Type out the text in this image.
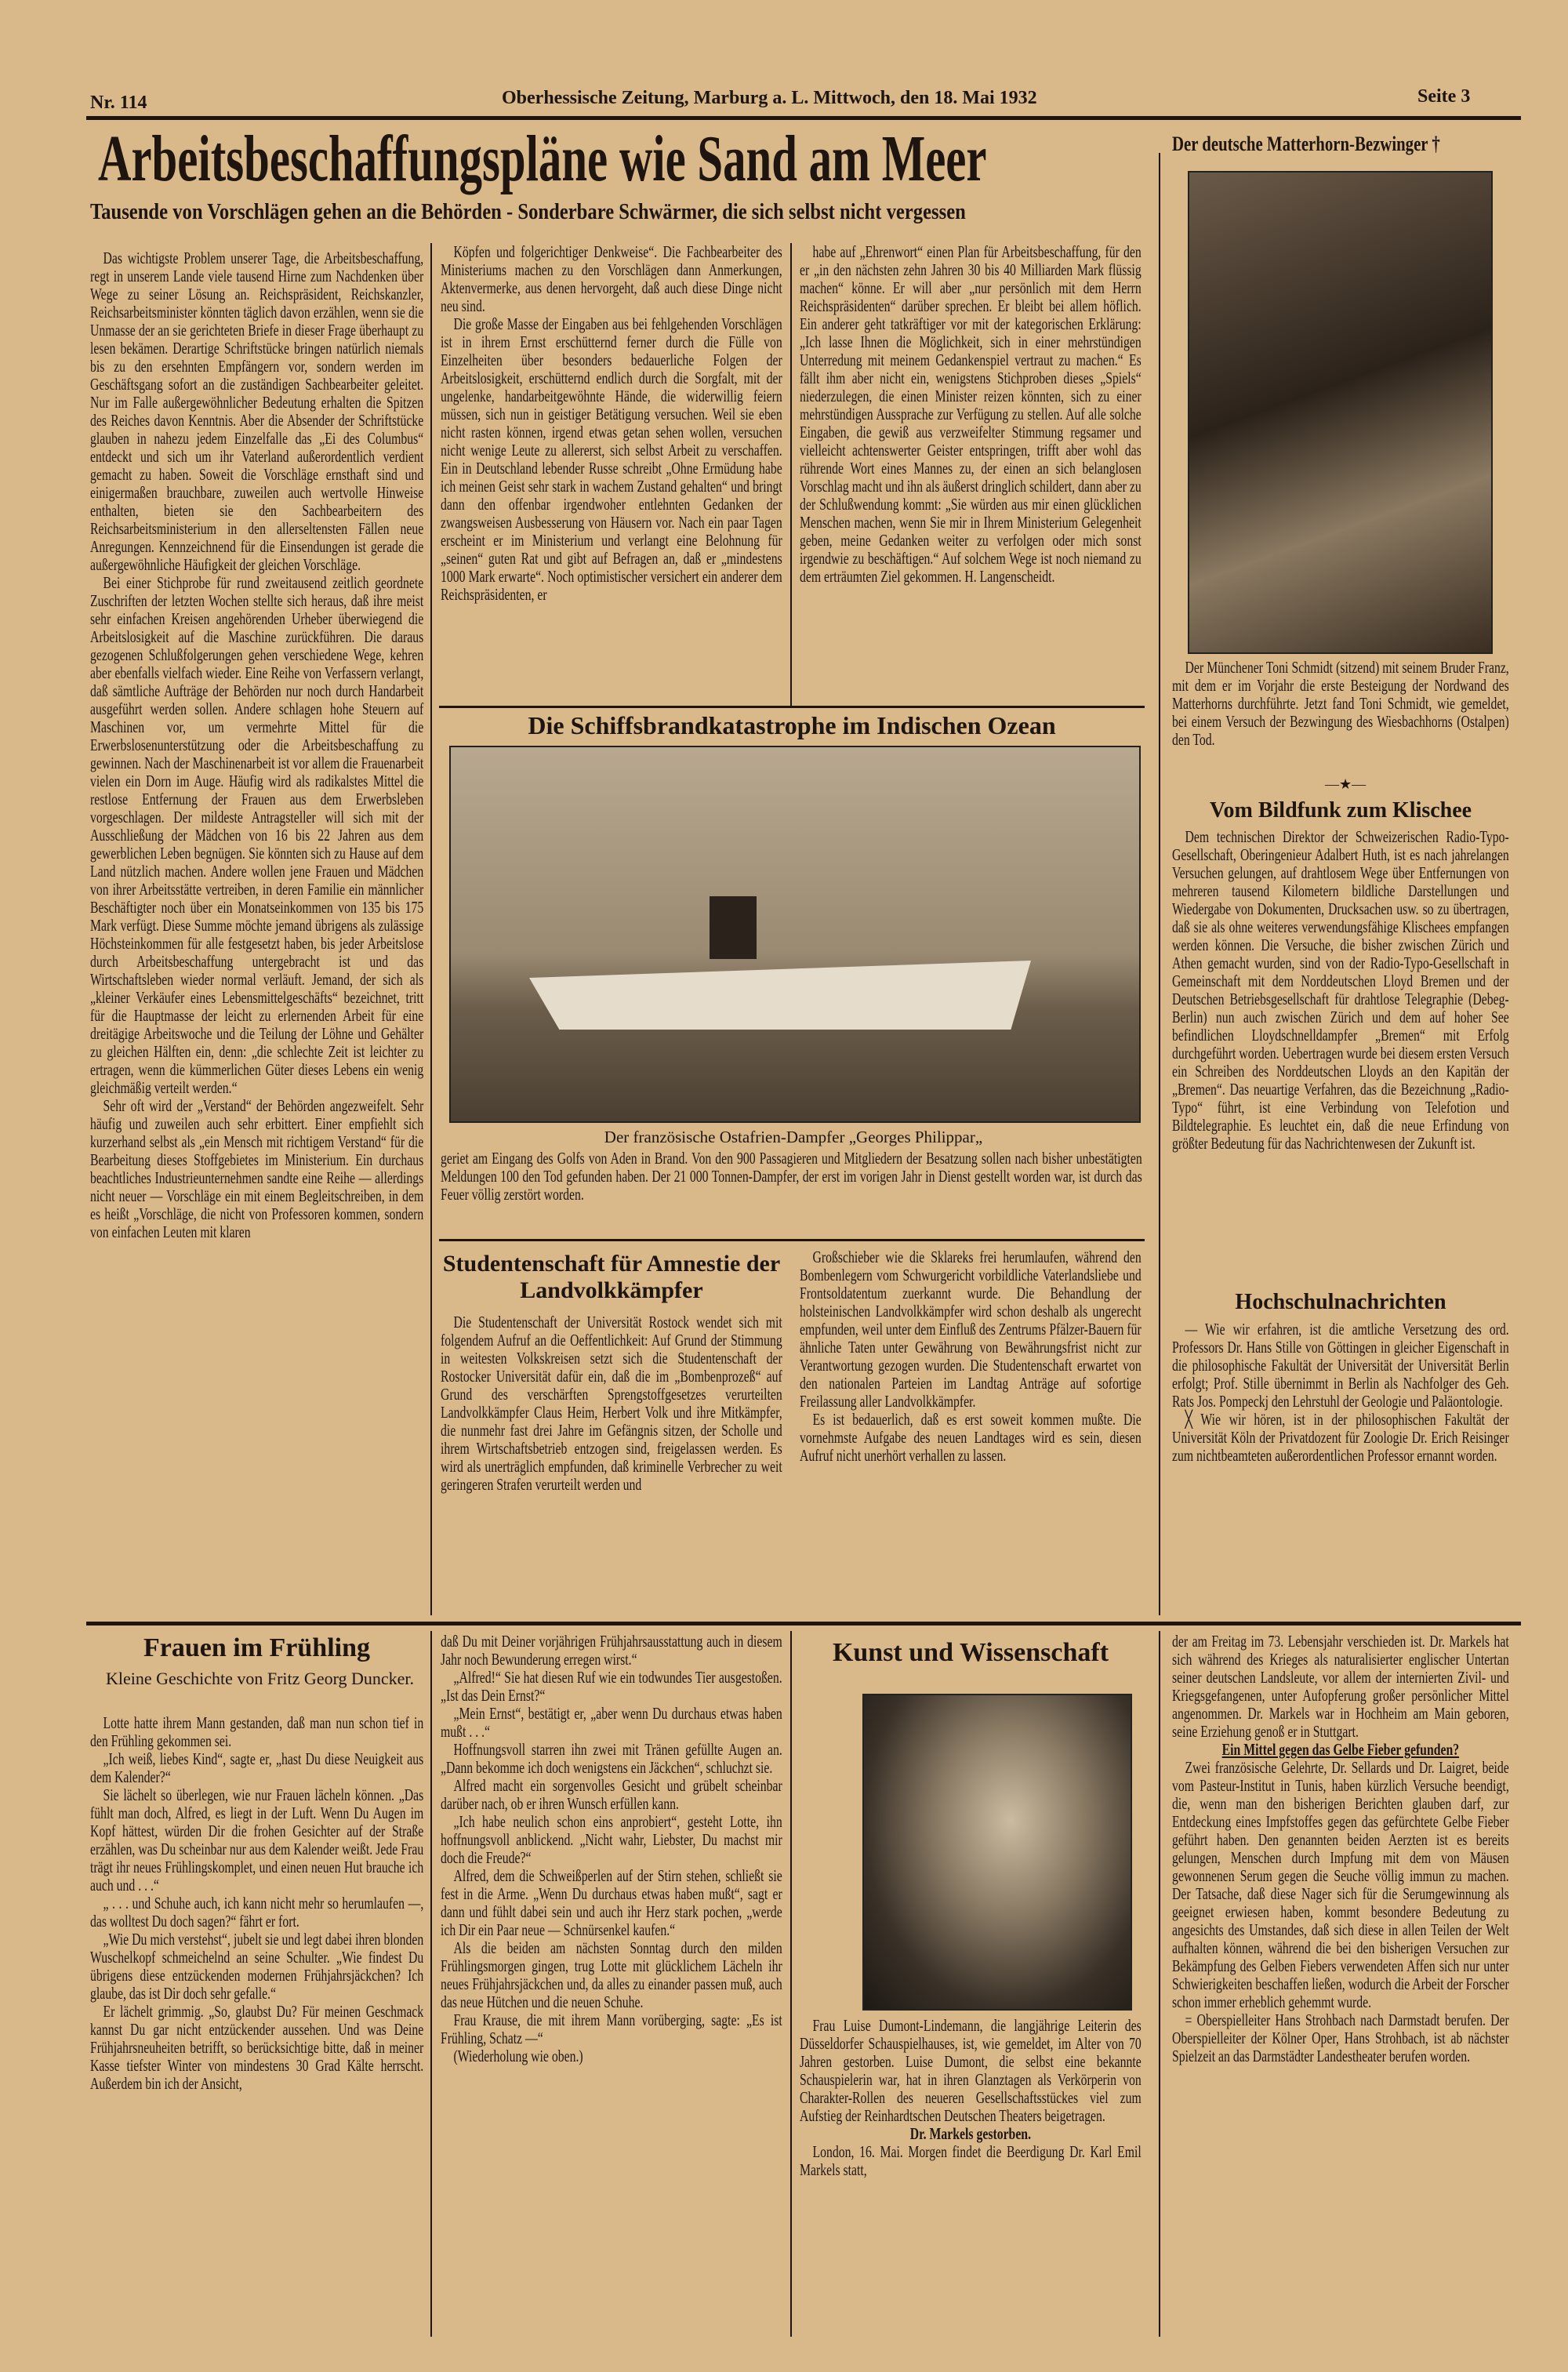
Nr. 114	Oberhessische Zeitung, Marburg a. L. Mittwoch, den 18. Mai 1932	Seite 3
Arbeitsbeschaffungspläne wie Sand am Meer
Tausende von Vorschlägen gehen an die Behörden - Sonderbare Schwärmer, die sich selbst nicht vergessen

Das wichtigste Problem unserer Tage, die Arbeitsbeschaffung, regt in unserem Lande viele tausend Hirne zum Nachdenken über Wege zu seiner Lösung an. Reichspräsident, Reichskanzler, Reichsarbeitsminister könnten täglich davon erzählen, wenn sie die Unmasse der an sie gerichteten Briefe in dieser Frage überhaupt zu lesen bekämen. Derartige Schriftstücke bringen natürlich niemals bis zu den ersehnten Empfängern vor, sondern werden im Geschäftsgang sofort an die zuständigen Sachbearbeiter geleitet. Nur im Falle außergewöhnlicher Bedeutung erhalten die Spitzen des Reiches davon Kenntnis. Aber die Absender der Schriftstücke glauben in nahezu jedem Einzelfalle das „Ei des Columbus“ entdeckt und sich um ihr Vaterland außerordentlich verdient gemacht zu haben. Soweit die Vorschläge ernsthaft sind und einigermaßen brauchbare, zuweilen auch wertvolle Hinweise enthalten, bieten sie den Sachbearbeitern des Reichsarbeitsministerium in den allerseltensten Fällen neue Anregungen. Kennzeichnend für die Einsendungen ist gerade die außergewöhnliche Häufigkeit der gleichen Vorschläge.

Bei einer Stichprobe für rund zweitausend zeitlich geordnete Zuschriften der letzten Wochen stellte sich heraus, daß ihre meist sehr einfachen Kreisen angehörenden Urheber überwiegend die Arbeitslosigkeit auf die Maschine zurückführen. Die daraus gezogenen Schlußfolgerungen gehen verschiedene Wege, kehren aber ebenfalls vielfach wieder. Eine Reihe von Verfassern verlangt, daß sämtliche Aufträge der Behörden nur noch durch Handarbeit ausgeführt werden sollen. Andere schlagen hohe Steuern auf Maschinen vor, um vermehrte Mittel für die Erwerbslosenunterstützung oder die Arbeitsbeschaffung zu gewinnen. Nach der Maschinenarbeit ist vor allem die Frauenarbeit vielen ein Dorn im Auge. Häufig wird als radikalstes Mittel die restlose Entfernung der Frauen aus dem Erwerbsleben vorgeschlagen. Der mildeste Antragsteller will sich mit der Ausschließung der Mädchen von 16 bis 22 Jahren aus dem gewerblichen Leben begnügen. Sie könnten sich zu Hause auf dem Land nützlich machen. Andere wollen jene Frauen und Mädchen von ihrer Arbeitsstätte vertreiben, in deren Familie ein männlicher Beschäftigter noch über ein Monatseinkommen von 135 bis 175 Mark verfügt. Diese Summe möchte jemand übrigens als zulässige Höchsteinkommen für alle festgesetzt haben, bis jeder Arbeitslose durch Arbeitsbeschaffung untergebracht ist und das Wirtschaftsleben wieder normal verläuft. Jemand, der sich als „kleiner Verkäufer eines Lebensmittelgeschäfts“ bezeichnet, tritt für die Hauptmasse der leicht zu erlernenden Arbeit für eine dreitägige Arbeitswoche und die Teilung der Löhne und Gehälter zu gleichen Hälften ein, denn: „die schlechte Zeit ist leichter zu ertragen, wenn die kümmerlichen Güter dieses Lebens ein wenig gleichmäßig verteilt werden.“

Sehr oft wird der „Verstand“ der Behörden angezweifelt. Sehr häufig und zuweilen auch sehr erbittert. Einer empfiehlt sich kurzerhand selbst als „ein Mensch mit richtigem Verstand“ für die Bearbeitung dieses Stoffgebietes im Ministerium. Ein durchaus beachtliches Industrieunternehmen sandte eine Reihe — allerdings nicht neuer — Vorschläge ein mit einem Begleitschreiben, in dem es heißt „Vorschläge, die nicht von Professoren kommen, sondern von einfachen Leuten mit klaren

Köpfen und folgerichtiger Denkweise“. Die Fachbearbeiter des Ministeriums machen zu den Vorschlägen dann Anmerkungen, Aktenvermerke, aus denen hervorgeht, daß auch diese Dinge nicht neu sind.

Die große Masse der Eingaben aus bei fehlgehenden Vorschlägen ist in ihrem Ernst erschütternd ferner durch die Fülle von Einzelheiten über besonders bedauerliche Folgen der Arbeitslosigkeit, erschütternd endlich durch die Sorgfalt, mit der ungelenke, handarbeitgewöhnte Hände, die widerwillig feiern müssen, sich nun in geistiger Betätigung versuchen. Weil sie eben nicht rasten können, irgend etwas getan sehen wollen, versuchen nicht wenige Leute zu allererst, sich selbst Arbeit zu verschaffen. Ein in Deutschland lebender Russe schreibt „Ohne Ermüdung habe ich meinen Geist sehr stark in wachem Zustand gehalten“ und bringt dann den offenbar irgendwoher entlehnten Gedanken der zwangsweisen Ausbesserung von Häusern vor. Nach ein paar Tagen erscheint er im Ministerium und verlangt eine Belohnung für „seinen“ guten Rat und gibt auf Befragen an, daß er „mindestens 1000 Mark erwarte“. Noch optimistischer versichert ein anderer dem Reichspräsidenten, er

habe auf „Ehrenwort“ einen Plan für Arbeitsbeschaffung, für den er „in den nächsten zehn Jahren 30 bis 40 Milliarden Mark flüssig machen“ könne. Er will aber „nur persönlich mit dem Herrn Reichspräsidenten“ darüber sprechen. Er bleibt bei allem höflich. Ein anderer geht tatkräftiger vor mit der kategorischen Erklärung: „Ich lasse Ihnen die Möglichkeit, sich in einer mehrstündigen Unterredung mit meinem Gedankenspiel vertraut zu machen.“ Es fällt ihm aber nicht ein, wenigstens Stichproben dieses „Spiels“ niederzulegen, die einen Minister reizen könnten, sich zu einer mehrstündigen Aussprache zur Verfügung zu stellen. Auf alle solche Eingaben, die gewiß aus verzweifelter Stimmung regsamer und vielleicht achtenswerter Geister entspringen, trifft aber wohl das rührende Wort eines Mannes zu, der einen an sich belanglosen Vorschlag macht und ihn als äußerst dringlich schildert, dann aber zu der Schlußwendung kommt: „Sie würden aus mir einen glücklichen Menschen machen, wenn Sie mir in Ihrem Ministerium Gelegenheit geben, meine Gedanken weiter zu verfolgen oder mich sonst irgendwie zu beschäftigen.“ Auf solchem Wege ist noch niemand zu dem erträumten Ziel gekommen. H. Langenscheidt.

Die Schiffsbrandkatastrophe im Indischen Ozean
Der französische Ostafrien-Dampfer „Georges Philippar„

geriet am Eingang des Golfs von Aden in Brand. Von den 900 Passagieren und Mitgliedern der Besatzung sollen nach bisher unbestätigten Meldungen 100 den Tod gefunden haben. Der 21 000 Tonnen-Dampfer, der erst im vorigen Jahr in Dienst gestellt worden war, ist durch das Feuer völlig zerstört worden.

Studentenschaft für Amnestie der Landvolkkämpfer

Die Studentenschaft der Universität Rostock wendet sich mit folgendem Aufruf an die Oeffentlichkeit: Auf Grund der Stimmung in weitesten Volkskreisen setzt sich die Studentenschaft der Rostocker Universität dafür ein, daß die im „Bombenprozeß“ auf Grund des verschärften Sprengstoffgesetzes verurteilten Landvolkkämpfer Claus Heim, Herbert Volk und ihre Mitkämpfer, die nunmehr fast drei Jahre im Gefängnis sitzen, der Scholle und ihrem Wirtschaftsbetrieb entzogen sind, freigelassen werden. Es wird als unerträglich empfunden, daß kriminelle Verbrecher zu weit geringeren Strafen verurteilt werden und

Großschieber wie die Sklareks frei herumlaufen, während den Bombenlegern vom Schwurgericht vorbildliche Vaterlandsliebe und Frontsoldatentum zuerkannt wurde. Die Behandlung der holsteinischen Landvolkkämpfer wird schon deshalb als ungerecht empfunden, weil unter dem Einfluß des Zentrums Pfälzer-Bauern für ähnliche Taten unter Gewährung von Bewährungsfrist nicht zur Verantwortung gezogen wurden. Die Studentenschaft erwartet von den nationalen Parteien im Landtag Anträge auf sofortige Freilassung aller Landvolkkämpfer.

Es ist bedauerlich, daß es erst soweit kommen mußte. Die vornehmste Aufgabe des neuen Landtages wird es sein, diesen Aufruf nicht unerhört verhallen zu lassen.

Der deutsche Matterhorn-Bezwinger †

Der Münchener Toni Schmidt (sitzend) mit seinem Bruder Franz, mit dem er im Vorjahr die erste Besteigung der Nordwand des Matterhorns durchführte. Jetzt fand Toni Schmidt, wie gemeldet, bei einem Versuch der Bezwingung des Wiesbachhorns (Ostalpen) den Tod.

—★—
Vom Bildfunk zum Klischee

Dem technischen Direktor der Schweizerischen Radio-Typo-Gesellschaft, Oberingenieur Adalbert Huth, ist es nach jahrelangen Versuchen gelungen, auf drahtlosem Wege über Entfernungen von mehreren tausend Kilometern bildliche Darstellungen und Wiedergabe von Dokumenten, Drucksachen usw. so zu übertragen, daß sie als ohne weiteres verwendungsfähige Klischees empfangen werden können. Die Versuche, die bisher zwischen Zürich und Athen gemacht wurden, sind von der Radio-Typo-Gesellschaft in Gemeinschaft mit dem Norddeutschen Lloyd Bremen und der Deutschen Betriebsgesellschaft für drahtlose Telegraphie (Debeg-Berlin) nun auch zwischen Zürich und dem auf hoher See befindlichen Lloydschnelldampfer „Bremen“ mit Erfolg durchgeführt worden. Uebertragen wurde bei diesem ersten Versuch ein Schreiben des Norddeutschen Lloyds an den Kapitän der „Bremen“. Das neuartige Verfahren, das die Bezeichnung „Radio-Typo“ führt, ist eine Verbindung von Telefotion und Bildtelegraphie. Es leuchtet ein, daß die neue Erfindung von größter Bedeutung für das Nachrichtenwesen der Zukunft ist.

Hochschulnachrichten

— Wie wir erfahren, ist die amtliche Versetzung des ord. Professors Dr. Hans Stille von Göttingen in gleicher Eigenschaft in die philosophische Fakultät der Universität der Universität Berlin erfolgt; Prof. Stille übernimmt in Berlin als Nachfolger des Geh. Rats Jos. Pompeckj den Lehrstuhl der Geologie und Paläontologie.

╳ Wie wir hören, ist in der philosophischen Fakultät der Universität Köln der Privatdozent für Zoologie Dr. Erich Reisinger zum nichtbeamteten außerordentlichen Professor ernannt worden.

Frauen im Frühling
Kleine Geschichte von Fritz Georg Duncker.

Lotte hatte ihrem Mann gestanden, daß man nun schon tief in den Frühling gekommen sei.

„Ich weiß, liebes Kind“, sagte er, „hast Du diese Neuigkeit aus dem Kalender?“

Sie lächelt so überlegen, wie nur Frauen lächeln können. „Das fühlt man doch, Alfred, es liegt in der Luft. Wenn Du Augen im Kopf hättest, würden Dir die frohen Gesichter auf der Straße erzählen, was Du scheinbar nur aus dem Kalender weißt. Jede Frau trägt ihr neues Frühlingskomplet, und einen neuen Hut brauche ich auch und . . .“

„ . . . und Schuhe auch, ich kann nicht mehr so herumlaufen —, das wolltest Du doch sagen?“ fährt er fort.

„Wie Du mich verstehst“, jubelt sie und legt dabei ihren blonden Wuschelkopf schmeichelnd an seine Schulter. „Wie findest Du übrigens diese entzückenden modernen Frühjahrsjäckchen? Ich glaube, das ist Dir doch sehr gefalle.“

Er lächelt grimmig. „So, glaubst Du? Für meinen Geschmack kannst Du gar nicht entzückender aussehen. Und was Deine Frühjahrsneuheiten betrifft, so berücksichtige bitte, daß in meiner Kasse tiefster Winter von mindestens 30 Grad Kälte herrscht. Außerdem bin ich der Ansicht,

daß Du mit Deiner vorjährigen Frühjahrsausstattung auch in diesem Jahr noch Bewunderung erregen wirst.“

„Alfred!“ Sie hat diesen Ruf wie ein todwundes Tier ausgestoßen. „Ist das Dein Ernst?“

„Mein Ernst“, bestätigt er, „aber wenn Du durchaus etwas haben mußt . . .“

Hoffnungsvoll starren ihn zwei mit Tränen gefüllte Augen an. „Dann bekomme ich doch wenigstens ein Jäckchen“, schluchzt sie.

Alfred macht ein sorgenvolles Gesicht und grübelt scheinbar darüber nach, ob er ihren Wunsch erfüllen kann.

„Ich habe neulich schon eins anprobiert“, gesteht Lotte, ihn hoffnungsvoll anblickend. „Nicht wahr, Liebster, Du machst mir doch die Freude?“

Alfred, dem die Schweißperlen auf der Stirn stehen, schließt sie fest in die Arme. „Wenn Du durchaus etwas haben mußt“, sagt er dann und fühlt dabei sein und auch ihr Herz stark pochen, „werde ich Dir ein Paar neue — Schnürsenkel kaufen.“

Als die beiden am nächsten Sonntag durch den milden Frühlingsmorgen gingen, trug Lotte mit glücklichem Lächeln ihr neues Frühjahrsjäckchen und, da alles zu einander passen muß, auch das neue Hütchen und die neuen Schuhe.

Frau Krause, die mit ihrem Mann vorüberging, sagte: „Es ist Frühling, Schatz —“

(Wiederholung wie oben.)

Kunst und Wissenschaft

Frau Luise Dumont-Lindemann, die langjährige Leiterin des Düsseldorfer Schauspielhauses, ist, wie gemeldet, im Alter von 70 Jahren gestorben. Luise Dumont, die selbst eine bekannte Schauspielerin war, hat in ihren Glanztagen als Verkörperin von Charakter-Rollen des neueren Gesellschaftsstückes viel zum Aufstieg der Reinhardtschen Deutschen Theaters beigetragen.

Dr. Markels gestorben.

London, 16. Mai. Morgen findet die Beerdigung Dr. Karl Emil Markels statt,

der am Freitag im 73. Lebensjahr verschieden ist. Dr. Markels hat sich während des Krieges als naturalisierter englischer Untertan seiner deutschen Landsleute, vor allem der internierten Zivil- und Kriegsgefangenen, unter Aufopferung großer persönlicher Mittel angenommen. Dr. Markels war in Hochheim am Main geboren, seine Erziehung genoß er in Stuttgart.

Ein Mittel gegen das Gelbe Fieber gefunden?

Zwei französische Gelehrte, Dr. Sellards und Dr. Laigret, beide vom Pasteur-Institut in Tunis, haben kürzlich Versuche beendigt, die, wenn man den bisherigen Berichten glauben darf, zur Entdeckung eines Impfstoffes gegen das gefürchtete Gelbe Fieber geführt haben. Den genannten beiden Aerzten ist es bereits gelungen, Menschen durch Impfung mit dem von Mäusen gewonnenen Serum gegen die Seuche völlig immun zu machen. Der Tatsache, daß diese Nager sich für die Serumgewinnung als geeignet erwiesen haben, kommt besondere Bedeutung zu angesichts des Umstandes, daß sich diese in allen Teilen der Welt aufhalten können, während die bei den bisherigen Versuchen zur Bekämpfung des Gelben Fiebers verwendeten Affen sich nur unter Schwierigkeiten beschaffen ließen, wodurch die Arbeit der Forscher schon immer erheblich gehemmt wurde.

= Oberspielleiter Hans Strohbach nach Darmstadt berufen. Der Oberspielleiter der Kölner Oper, Hans Strohbach, ist ab nächster Spielzeit an das Darmstädter Landestheater berufen worden.
